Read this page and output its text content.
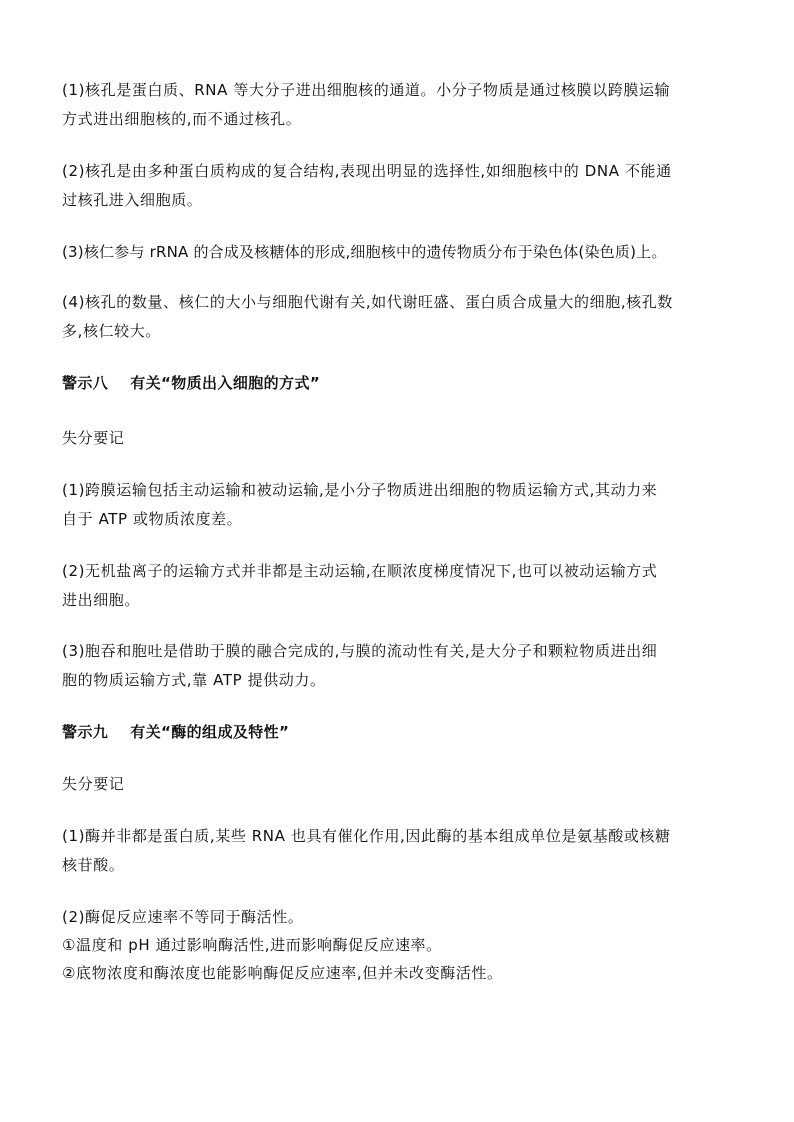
(1)核孔是蛋白质、RNA 等大分子进出细胞核的通道。小分子物质是通过核膜以跨膜运输
方式进出细胞核的,而不通过核孔。
(2)核孔是由多种蛋白质构成的复合结构,表现出明显的选择性,如细胞核中的 DNA 不能通
过核孔进入细胞质。
(3)核仁参与 rRNA 的合成及核糖体的形成,细胞核中的遗传物质分布于染色体(染色质)上。
(4)核孔的数量、核仁的大小与细胞代谢有关,如代谢旺盛、蛋白质合成量大的细胞,核孔数
多,核仁较大。
警示八 有关“物质出入细胞的方式”
失分要记
(1)跨膜运输包括主动运输和被动运输,是小分子物质进出细胞的物质运输方式,其动力来
自于 ATP 或物质浓度差。
(2)无机盐离子的运输方式并非都是主动运输,在顺浓度梯度情况下,也可以被动运输方式
进出细胞。
(3)胞吞和胞吐是借助于膜的融合完成的,与膜的流动性有关,是大分子和颗粒物质进出细
胞的物质运输方式,靠 ATP 提供动力。
警示九 有关“酶的组成及特性”
失分要记
(1)酶并非都是蛋白质,某些 RNA 也具有催化作用,因此酶的基本组成单位是氨基酸或核糖
核苷酸。
(2)酶促反应速率不等同于酶活性。
①温度和 pH 通过影响酶活性,进而影响酶促反应速率。
②底物浓度和酶浓度也能影响酶促反应速率,但并未改变酶活性。
